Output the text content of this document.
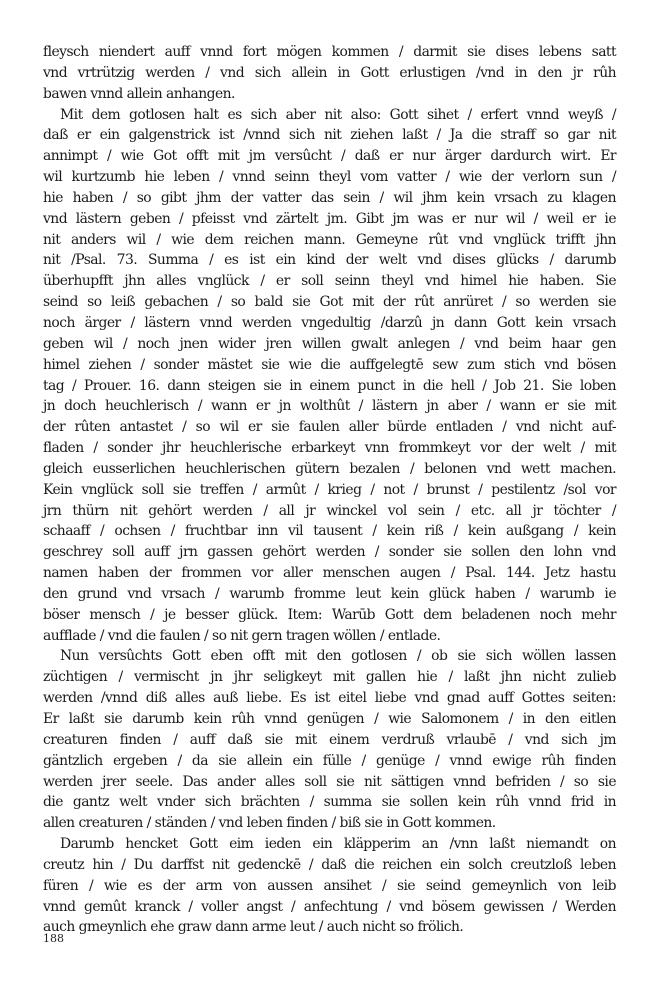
fleysch niendert auff vnnd fort mögen kommen / darmit sie dises lebens satt
vnd vrtrützig werden / vnd sich allein in Gott erlustigen /vnd in den jr rûh
bawen vnnd allein anhangen.
Mit dem gotlosen halt es sich aber nit also: Gott sihet / erfert vnnd weyß /
daß er ein galgenstrick ist /vnnd sich nit ziehen laßt / Ja die straff so gar nit
annimpt / wie Got offt mit jm versûcht / daß er nur ärger dardurch wirt. Er
wil kurtzumb hie leben / vnnd seinn theyl vom vatter / wie der verlorn sun /
hie haben / so gibt jhm der vatter das sein / wil jhm kein vrsach zu klagen
vnd lästern geben / pfeisst vnd zärtelt jm. Gibt jm was er nur wil / weil er ie
nit anders wil / wie dem reichen mann. Gemeyne rût vnd vnglück trifft jhn
nit /Psal. 73. Summa / es ist ein kind der welt vnd dises glücks / darumb
überhupfft jhn alles vnglück / er soll seinn theyl vnd himel hie haben. Sie
seind so leiß gebachen / so bald sie Got mit der rût anrüret / so werden sie
noch ärger / lästern vnnd werden vngedultig /darzû jn dann Gott kein vrsach
geben wil / noch jnen wider jren willen gwalt anlegen / vnd beim haar gen
himel ziehen / sonder mästet sie wie die auffgelegtē sew zum stich vnd bösen
tag / Prouer. 16. dann steigen sie in einem punct in die hell / Job 21. Sie loben
jn doch heuchlerisch / wann er jn wolthût / lästern jn aber / wann er sie mit
der rûten antastet / so wil er sie faulen aller bürde entladen / vnd nicht auf-
fladen / sonder jhr heuchlerische erbarkeyt vnn frommkeyt vor der welt / mit
gleich eusserlichen heuchlerischen gütern bezalen / belonen vnd wett machen.
Kein vnglück soll sie treffen / armût / krieg / not / brunst / pestilentz /sol vor
jrn thürn nit gehört werden / all jr winckel vol sein / etc. all jr töchter /
schaaff / ochsen / fruchtbar inn vil tausent / kein riß / kein außgang / kein
geschrey soll auff jrn gassen gehört werden / sonder sie sollen den lohn vnd
namen haben der frommen vor aller menschen augen / Psal. 144. Jetz hastu
den grund vnd vrsach / warumb fromme leut kein glück haben / warumb ie
böser mensch / je besser glück. Item: Warūb Gott dem beladenen noch mehr
aufflade / vnd die faulen / so nit gern tragen wöllen / entlade.
Nun versûchts Gott eben offt mit den gotlosen / ob sie sich wöllen lassen
züchtigen / vermischt jn jhr seligkeyt mit gallen hie / laßt jhn nicht zulieb
werden /vnnd diß alles auß liebe. Es ist eitel liebe vnd gnad auff Gottes seiten:
Er laßt sie darumb kein rûh vnnd genügen / wie Salomonem / in den eitlen
creaturen finden / auff daß sie mit einem verdruß vrlaubē / vnd sich jm
gäntzlich ergeben / da sie allein ein fülle / genüge / vnnd ewige rûh finden
werden jrer seele. Das ander alles soll sie nit sättigen vnnd befriden / so sie
die gantz welt vnder sich brächten / summa sie sollen kein rûh vnnd frid in
allen creaturen / ständen / vnd leben finden / biß sie in Gott kommen.
Darumb hencket Gott eim ieden ein kläpperim an /vnn laßt niemandt on
creutz hin / Du darffst nit gedenckē / daß die reichen ein solch creutzloß leben
füren / wie es der arm von aussen ansihet / sie seind gemeynlich von leib
vnnd gemût kranck / voller angst / anfechtung / vnd bösem gewissen / Werden
auch gmeynlich ehe graw dann arme leut / auch nicht so frölich.
188
